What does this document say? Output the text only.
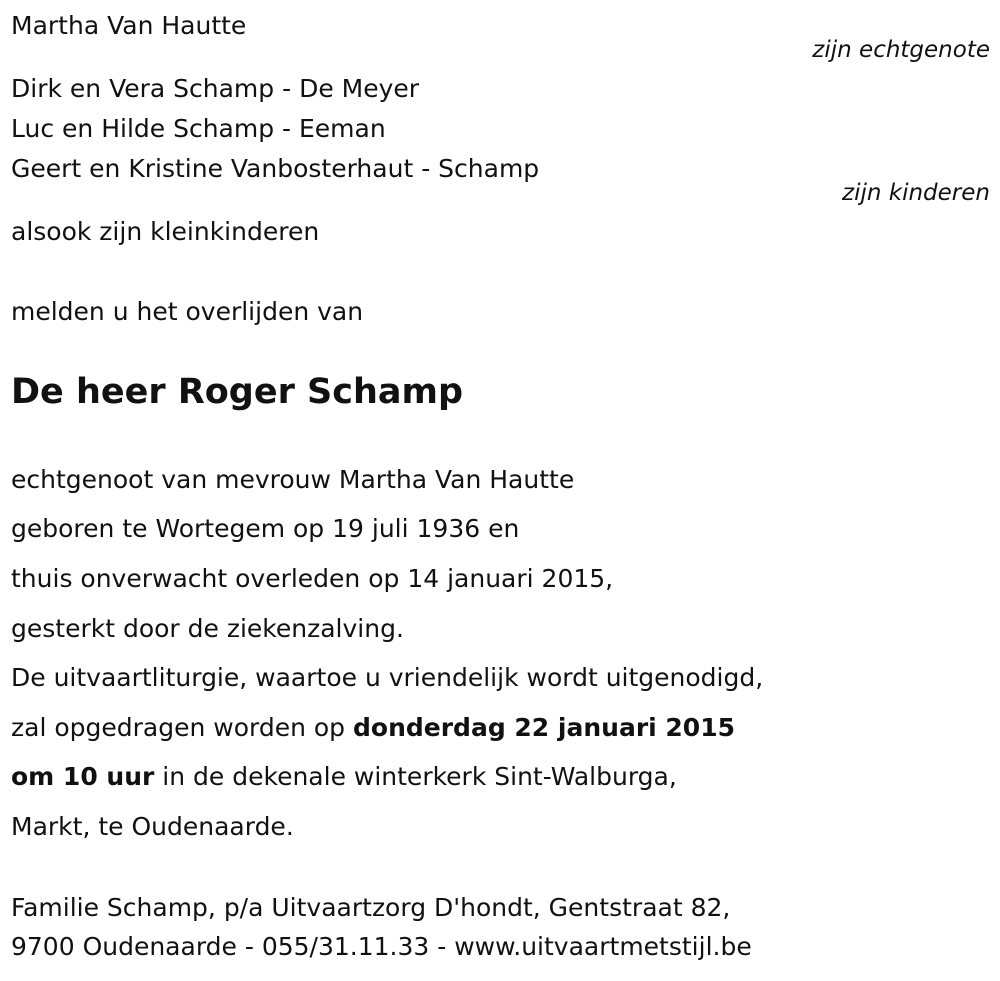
Martha Van Hautte
zijn echtgenote
Dirk en Vera Schamp - De Meyer
Luc en Hilde Schamp - Eeman
Geert en Kristine Vanbosterhaut - Schamp
zijn kinderen
alsook zijn kleinkinderen
melden u het overlijden van
De heer Roger Schamp
echtgenoot van mevrouw Martha Van Hautte
geboren te Wortegem op 19 juli 1936 en
thuis onverwacht overleden op 14 januari 2015,
gesterkt door de ziekenzalving.
De uitvaartliturgie, waartoe u vriendelijk wordt uitgenodigd,
zal opgedragen worden op donderdag 22 januari 2015
om 10 uur in de dekenale winterkerk Sint-Walburga,
Markt, te Oudenaarde.
Familie Schamp, p/a Uitvaartzorg D'hondt, Gentstraat 82,
9700 Oudenaarde - 055/31.11.33 - www.uitvaartmetstijl.be
